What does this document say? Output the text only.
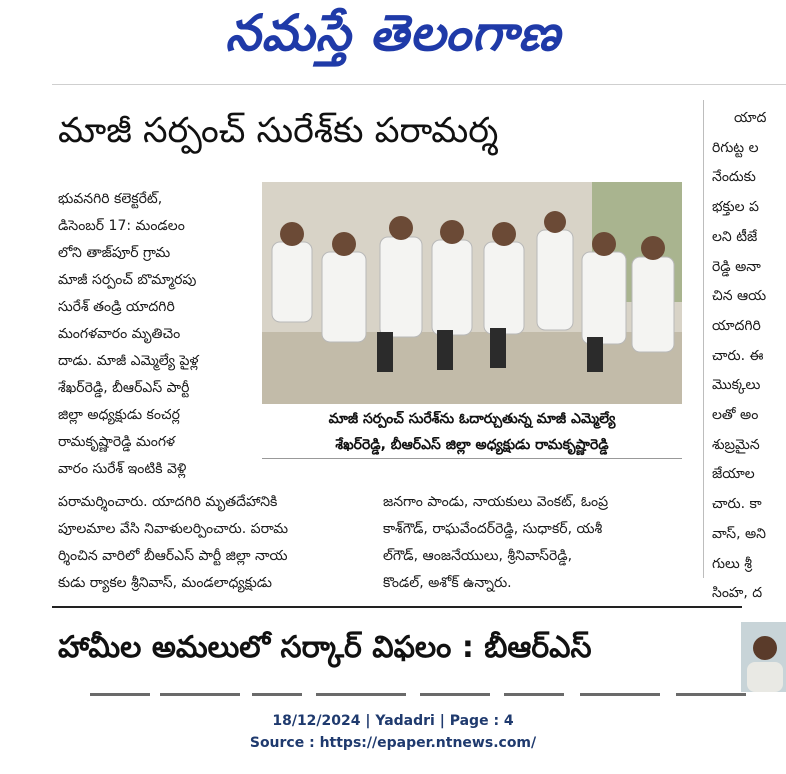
నమస్తే తెలంగాణ
మాజీ సర్పంచ్ సురేశ్‌కు పరామర్శ
భువనగిరి కలెక్టరేట్,
డిసెంబర్ 17: మండలం
లోని తాజ్‌పూర్ గ్రామ
మాజీ సర్పంచ్ బొమ్మారపు
సురేశ్ తండ్రి యాదగిరి
మంగళవారం మృతిచెం
దాడు. మాజీ ఎమ్మెల్యే పైళ్ల
శేఖర్‌రెడ్డి, బీఆర్‌ఎస్ పార్టీ
జిల్లా అధ్యక్షుడు కంచర్ల
రామకృష్ణారెడ్డి మంగళ
వారం సురేశ్ ఇంటికి వెళ్లి
మాజీ సర్పంచ్ సురేశ్‌ను ఓదార్చుతున్న మాజీ ఎమ్మెల్యే
శేఖర్‌రెడ్డి, బీఆర్‌ఎస్ జిల్లా అధ్యక్షుడు రామకృష్ణారెడ్డి
పరామర్శించారు. యాదగిరి మృతదేహానికి
పూలమాల వేసి నివాళులర్పించారు. పరామ
ర్శించిన వారిలో బీఆర్‌ఎస్ పార్టీ జిల్లా నాయ
కుడు ర్యాకల శ్రీనివాస్, మండలాధ్యక్షుడు
జనగాం పాండు, నాయకులు వెంకట్, ఓంప్ర
కాశ్‌గౌడ్, రాఘవేందర్‌రెడ్డి, సుధాకర్, యశీ
ల్‌గౌడ్, ఆంజనేయులు, శ్రీనివాస్‌రెడ్డి,
కొండల్, అశోక్ ఉన్నారు.
యాద
రిగుట్ట ల
నేందుకు
భక్తుల ప
లని టీజే
రెడ్డి అనా
చిన ఆయ
యాదగిరి
చారు. ఈ
మొక్కలు
లతో అం
శుబ్రమైన
జేయాల
చారు. కా
వాస్, అని
గులు శ్రీ
సింహ, ద
హామీల అమలులో సర్కార్ విఫలం : బీఆర్ఎస్
18/12/2024 | Yadadri | Page : 4
Source : https://epaper.ntnews.com/
